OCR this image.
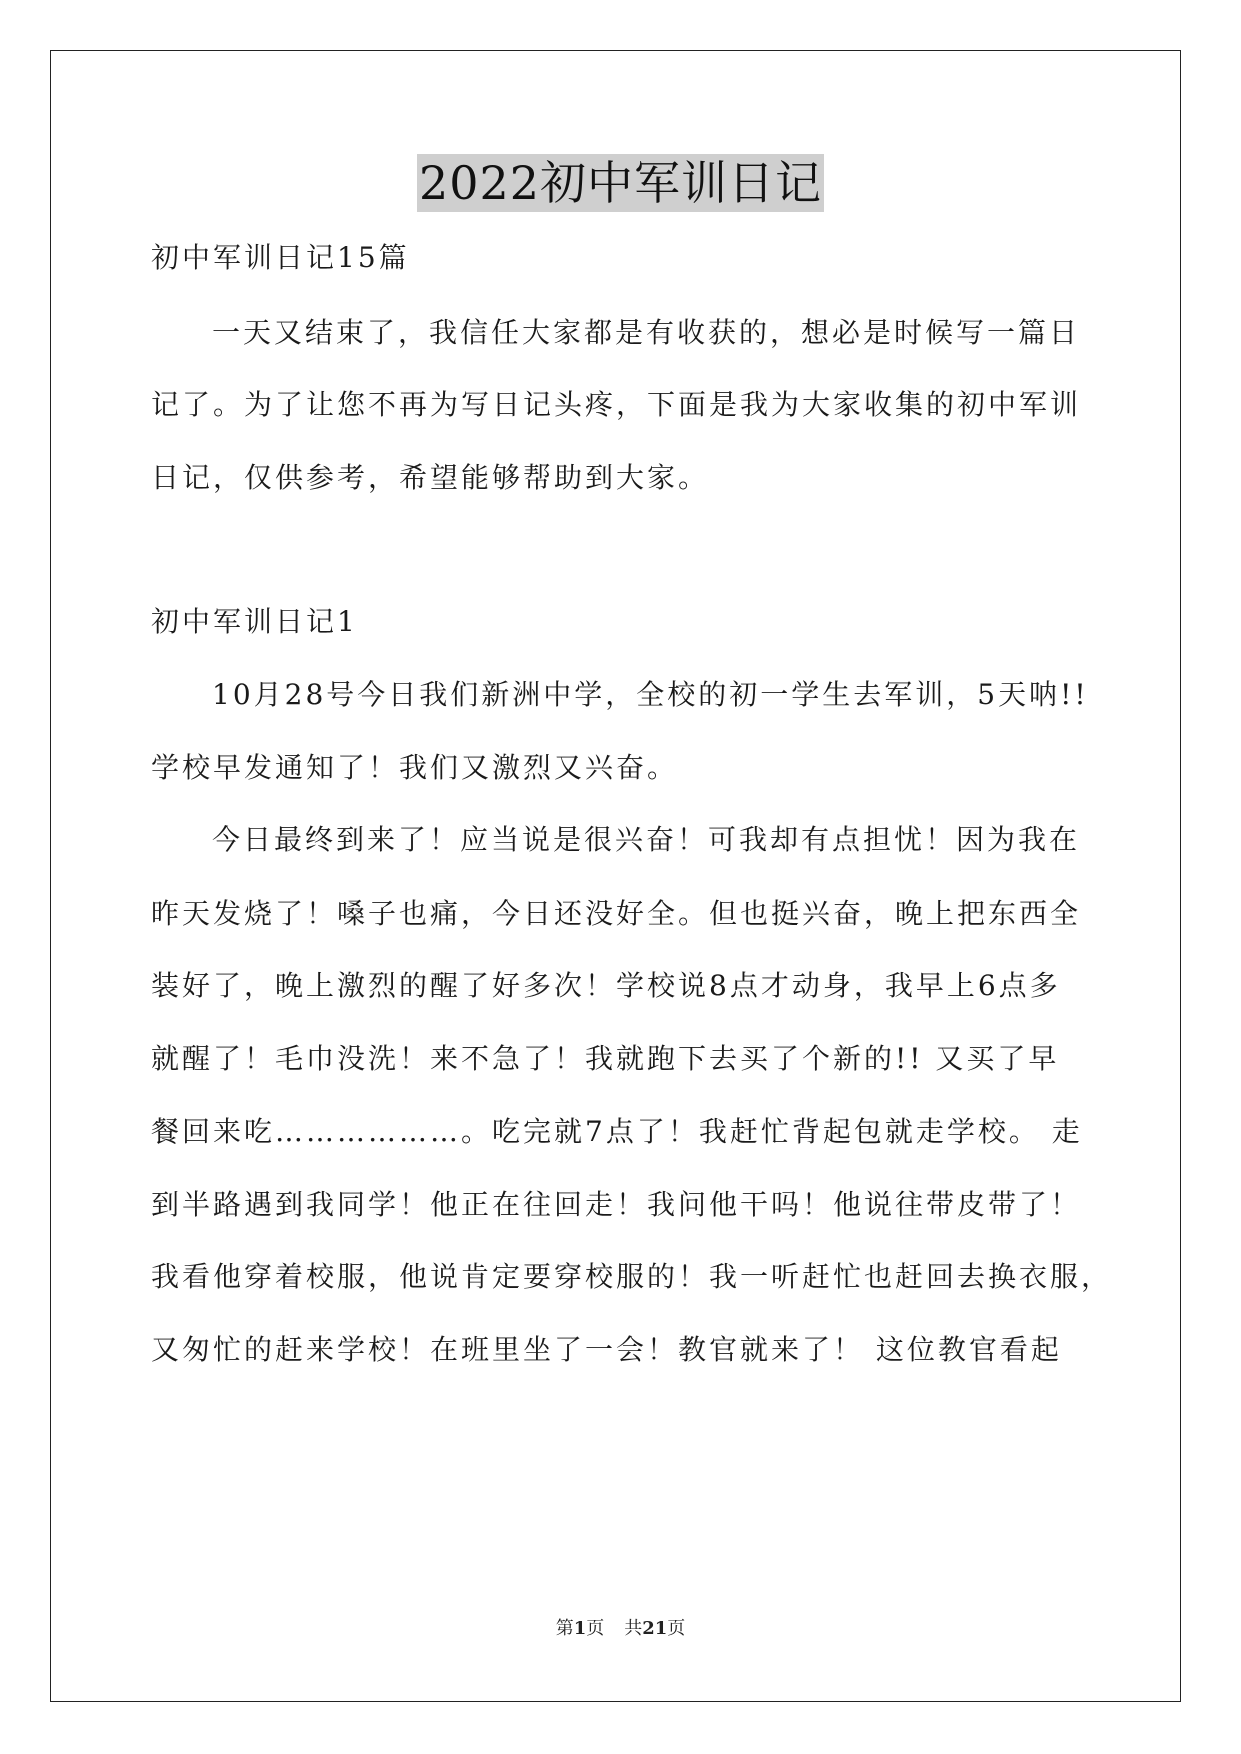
2022初中军训日记
初中军训日记15篇
一天又结束了，我信任大家都是有收获的，想必是时候写一篇日
记了。为了让您不再为写日记头疼，下面是我为大家收集的初中军训
日记，仅供参考，希望能够帮助到大家。
初中军训日记1
10月28号今日我们新洲中学，全校的初一学生去军训，5天呐!!
学校早发通知了！我们又激烈又兴奋。
今日最终到来了！应当说是很兴奋！可我却有点担忧！因为我在
昨天发烧了！嗓子也痛，今日还没好全。但也挺兴奋，晚上把东西全
装好了，晚上激烈的醒了好多次！学校说8点才动身，我早上6点多
就醒了！毛巾没洗！来不急了！我就跑下去买了个新的!! 又买了早
餐回来吃………………。吃完就7点了！我赶忙背起包就走学校。 走
到半路遇到我同学！他正在往回走！我问他干吗！他说往带皮带了！
我看他穿着校服，他说肯定要穿校服的！我一听赶忙也赶回去换衣服，
又匆忙的赶来学校！在班里坐了一会！教官就来了！ 这位教官看起
第1页 共21页
